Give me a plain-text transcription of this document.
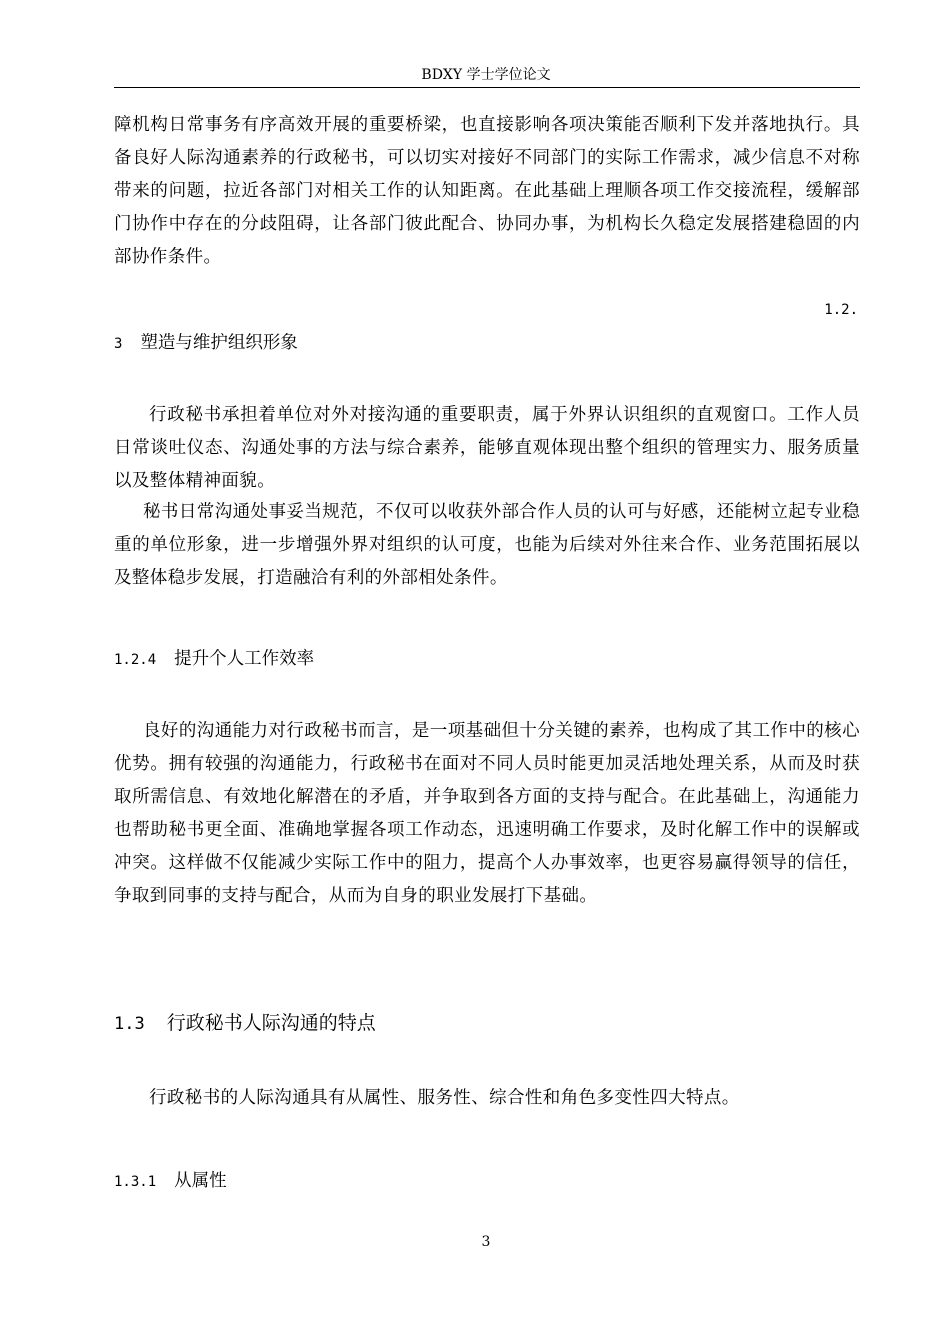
BDXY 学士学位论文

障机构日常事务有序高效开展的重要桥梁，也直接影响各项决策能否顺利下发并落地执行。具备良好人际沟通素养的行政秘书，可以切实对接好不同部门的实际工作需求，减少信息不对称带来的问题，拉近各部门对相关工作的认知距离。在此基础上理顺各项工作交接流程，缓解部门协作中存在的分歧阻碍，让各部门彼此配合、协同办事，为机构长久稳定发展搭建稳固的内部协作条件。

1.2.
3 塑造与维护组织形象

行政秘书承担着单位对外对接沟通的重要职责，属于外界认识组织的直观窗口。工作人员日常谈吐仪态、沟通处事的方法与综合素养，能够直观体现出整个组织的管理实力、服务质量以及整体精神面貌。

秘书日常沟通处事妥当规范，不仅可以收获外部合作人员的认可与好感，还能树立起专业稳重的单位形象，进一步增强外界对组织的认可度，也能为后续对外往来合作、业务范围拓展以及整体稳步发展，打造融洽有利的外部相处条件。

1.2.4 提升个人工作效率

良好的沟通能力对行政秘书而言，是一项基础但十分关键的素养，也构成了其工作中的核心优势。拥有较强的沟通能力，行政秘书在面对不同人员时能更加灵活地处理关系，从而及时获取所需信息、有效地化解潜在的矛盾，并争取到各方面的支持与配合。在此基础上，沟通能力也帮助秘书更全面、准确地掌握各项工作动态，迅速明确工作要求，及时化解工作中的误解或冲突。这样做不仅能减少实际工作中的阻力，提高个人办事效率，也更容易赢得领导的信任，争取到同事的支持与配合，从而为自身的职业发展打下基础。

1.3 行政秘书人际沟通的特点

行政秘书的人际沟通具有从属性、服务性、综合性和角色多变性四大特点。

1.3.1 从属性
3
